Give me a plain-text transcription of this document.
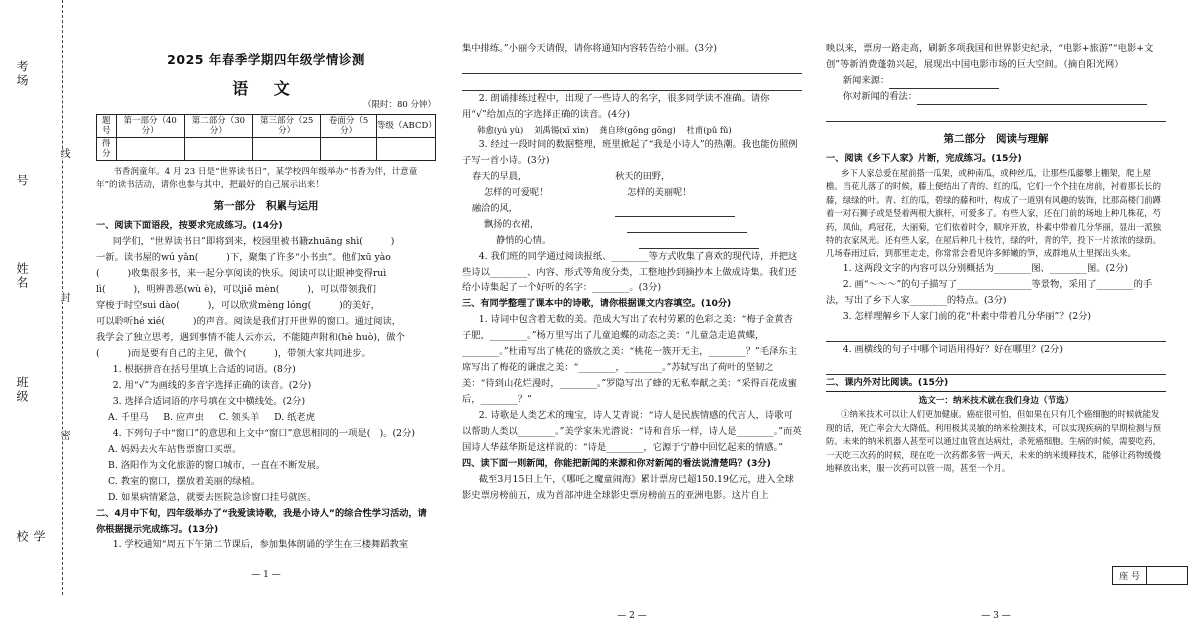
考场
号
姓名
班级
学校
线
封
密
2025 年春季学期四年级学情诊测
语 文
（限时：80 分钟）
题 号	第一部分（40 分）	第二部分（30 分）	第三部分（25 分）	卷面分（5 分）	等级（ABCD）
得 分					

书香润童年。4 月 23 日是“世界读书日”，某学校四年级举办“书香为伴，计意童年”的读书活动，请你也参与其中，把最好的自己展示出来！

第一部分　积累与运用

一、阅读下面语段，按要求完成练习。(14分)

同学们，“世界读书日”即将到来，校园里被书籍zhuāng shì(　　　)

一新。读书屋的wú yǎn(　　　)下，聚集了许多“小书虫”。他们xū yào

(　　　)收集很多书，来一起分享阅读的快乐。阅读可以让眼神变得ruì

lì(　　　)，明辨善恶(wù è)，可以jiě mèn(　　　)，可以带领我们

穿梭于时空suì dào(　　　)，可以欣赏mèng lóng(　　　)的美好，

可以聆听hé xié(　　　)的声音。阅读是我们打开世界的窗口。通过阅读，

我学会了独立思考，遇到事情不能人云亦云，不能随声附和(hè huò)，做个

(　　　)而是要有自己的主见，做个(　　　)，带领大家共同进步。

1. 根据拼音在括号里填上合适的词语。(8分)

2. 用“√”为画线的多音字选择正确的读音。(2分)

3. 选择合适词语的序号填在文中横线处。(2分)

A. 千里马 B. 应声虫 C. 领头羊 D. 纸老虎

4. 下列句子中“窗口”的意思和上文中“窗口”意思相同的一项是(　)。(2分)

A. 妈妈去火车站售票窗口买票。

B. 洛阳作为文化旅游的窗口城市，一直在不断发展。

C. 教室的窗口，摆放着美丽的绿植。

D. 如果病情紧急，就要去医院急诊窗口挂号就医。

二、4月中下旬，四年级举办了“我爱读诗歌，我是小诗人”的综合性学习活动，请你根据提示完成练习。(13分)

1. 学校通知“周五下午第二节课后，参加集体朗诵的学生在三楼舞蹈教室

— 1 —

集中排练。”小丽今天请假，请你将通知内容转告给小丽。(3分)

2. 朗诵排练过程中，出现了一些诗人的名字，很多同学读不准确。请你用“√”给加点的字选择正确的读音。(4分)

韩愈(yú yù) 刘禹锡(xī xìn) 龚自珍(gōng gōng) 杜甫(pǔ fǔ)

3. 经过一段时间的数据整理，班里掀起了“我是小诗人”的热潮。我也能仿照例子写一首小诗。(3分)

春天的早晨，	秋天的田野，
怎样的可爱呢！	怎样的美丽呢！
融洽的风，	
飘扬的衣裙，	
静悄的心情。	

4. 我们班的同学通过阅读报纸、________等方式收集了喜欢的现代诗，并把这些诗以________、内容、形式等角度分类，工整地抄到摘抄本上做成诗集。我们还给小诗集起了一个好听的名字：________。(3分)

三、有同学整理了课本中的诗歌，请你根据课文内容填空。(10分)

1. 诗词中包含着无数的美。范成大写出了农村劳累的色彩之美：“梅子金黄杏子肥，________。”杨万里写出了儿童追蝶的动态之美：“儿童急走追黄蝶，________。”杜甫写出了桃花的盛放之美：“桃花一簇开无主，________？”毛泽东主席写出了梅花的谦虚之美：“________，________。”苏轼写出了荷叶的坚韧之美：“待到山花烂漫时，________。”罗隐写出了蜂的无私奉献之美：“采得百花成蜜后，________？”

2. 诗歌是人类艺术的瑰宝，诗人艾青说：“诗人是民族情感的代言人，诗歌可以帮助人类以________。”美学家朱光潜说：“诗和音乐一样，诗人是________。”而英国诗人华兹华斯是这样说的：“诗是________，它源于宁静中回忆起来的情感。”

四、读下面一则新闻，你能把新闻的来源和你对新闻的看法说清楚吗？(3分)

截至3月15日上午，《哪吒之魔童闹海》累计票房已超150.19亿元，进入全球影史票房榜前五，成为首部冲进全球影史票房榜前五的亚洲电影。这片自上

— 2 —

映以来，票房一路走高，刷新多项我国和世界影史纪录，“电影+旅游”“电影+文创”等新消费蓬勃兴起，展现出中国电影市场的巨大空间。（摘自阳光网）

新闻来源：

你对新闻的看法：

第二部分　阅读与理解

一、阅读《乡下人家》片断，完成练习。(15分)

乡下人家总爱在屋前搭一瓜架，或种南瓜，或种丝瓜，让那些瓜藤攀上棚架，爬上屋檐。当花儿落了的时候，藤上便结出了青的、红的瓜，它们一个个挂在房前，衬着那长长的藤，绿绿的叶。青、红的瓜，碧绿的藤和叶，构成了一道别有风趣的装饰，比那高楼门前蹲着一对石狮子或是竖着两根大旗杆，可爱多了。有些人家，还在门前的场地上种几株花，芍药，凤仙，鸡冠花，大丽菊，它们依着时令，顺序开放，朴素中带着几分华丽，显出一派独特的农家风光。还有些人家，在屋后种几十枝竹，绿的叶，青的竿，投下一片浓浓的绿荫。几场春雨过后，到那里走走，你常常会看见许多鲜嫩的笋，成群地从土里探出头来。

1. 这两段文字的内容可以分别概括为________图、________图。(2分)

2. 画“～～～”的句子描写了________________等景物，采用了________的手法，写出了乡下人家________的特点。(3分)

3. 怎样理解乡下人家门前的花“朴素中带着几分华丽”？(2分)

4. 画横线的句子中哪个词语用得好？好在哪里？(2分)

二、课内外对比阅读。(15分)

选文一：纳米技术就在我们身边（节选）

①纳米技术可以让人们更加健康。癌症很可怕，但如果在只有几个癌细胞的时候就能发现的话，死亡率会大大降低。利用极其灵敏的纳米检测技术，可以实现疾病的早期检测与预防。未来的纳米机器人甚至可以通过血管直达病灶，杀死癌细胞。生病的时候，需要吃药，一天吃三次药的时候，现在吃一次药都多管一两天，未来的纳米缓释技术，能够让药物缓慢地释放出来，服一次药可以管一周，甚至一个月。

— 3 —
座 号
